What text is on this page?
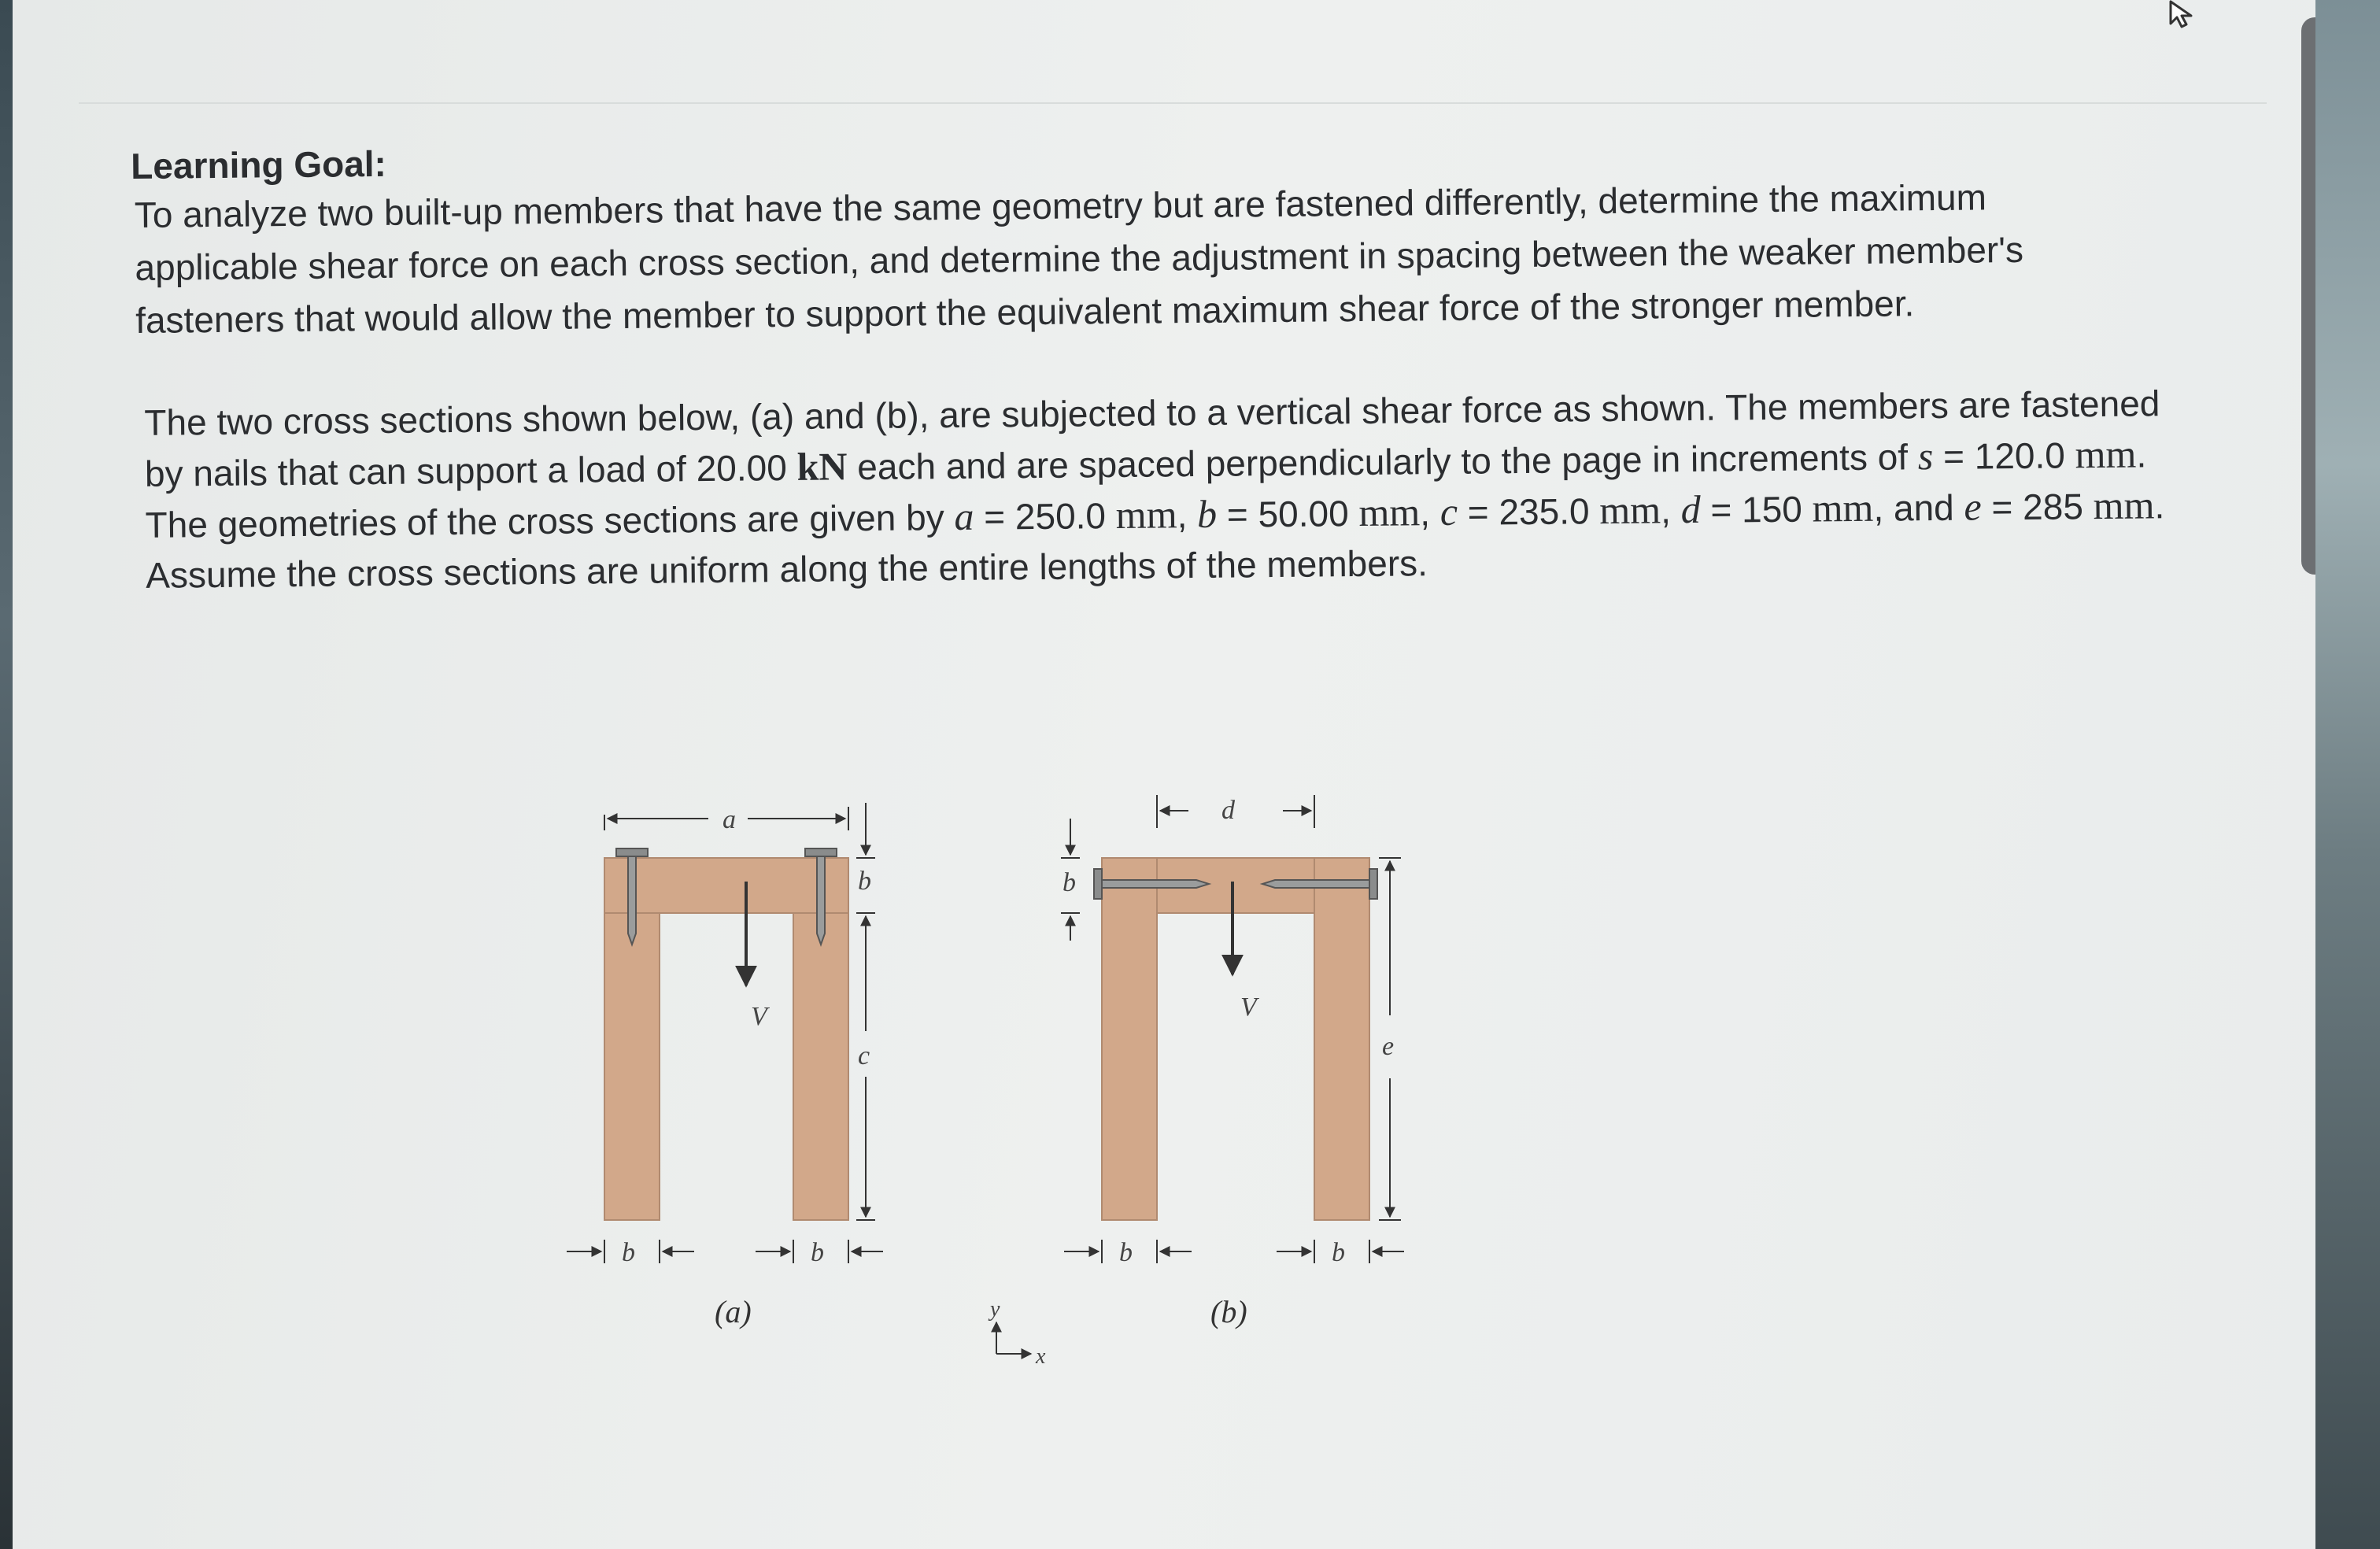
Learning Goal:

To analyze two built-up members that have the same geometry but are fastened differently, determine the maximum applicable shear force on each cross section, and determine the adjustment in spacing between the weaker member's fasteners that would allow the member to support the equivalent maximum shear force of the stronger member.

The two cross sections shown below, (a) and (b), are subjected to a vertical shear force as shown. The members are fastened by nails that can support a load of 20.00 kN each and are spaced perpendicularly to the page in increments of s = 120.0 mm. The geometries of the cross sections are given by a = 250.0 mm, b = 50.00 mm, c = 235.0 mm, d = 150 mm, and e = 285 mm. Assume the cross sections are uniform along the entire lengths of the members.

a
b
c
V
b	b
(a)	y
x
d
b
e
V
b	b
(b)
